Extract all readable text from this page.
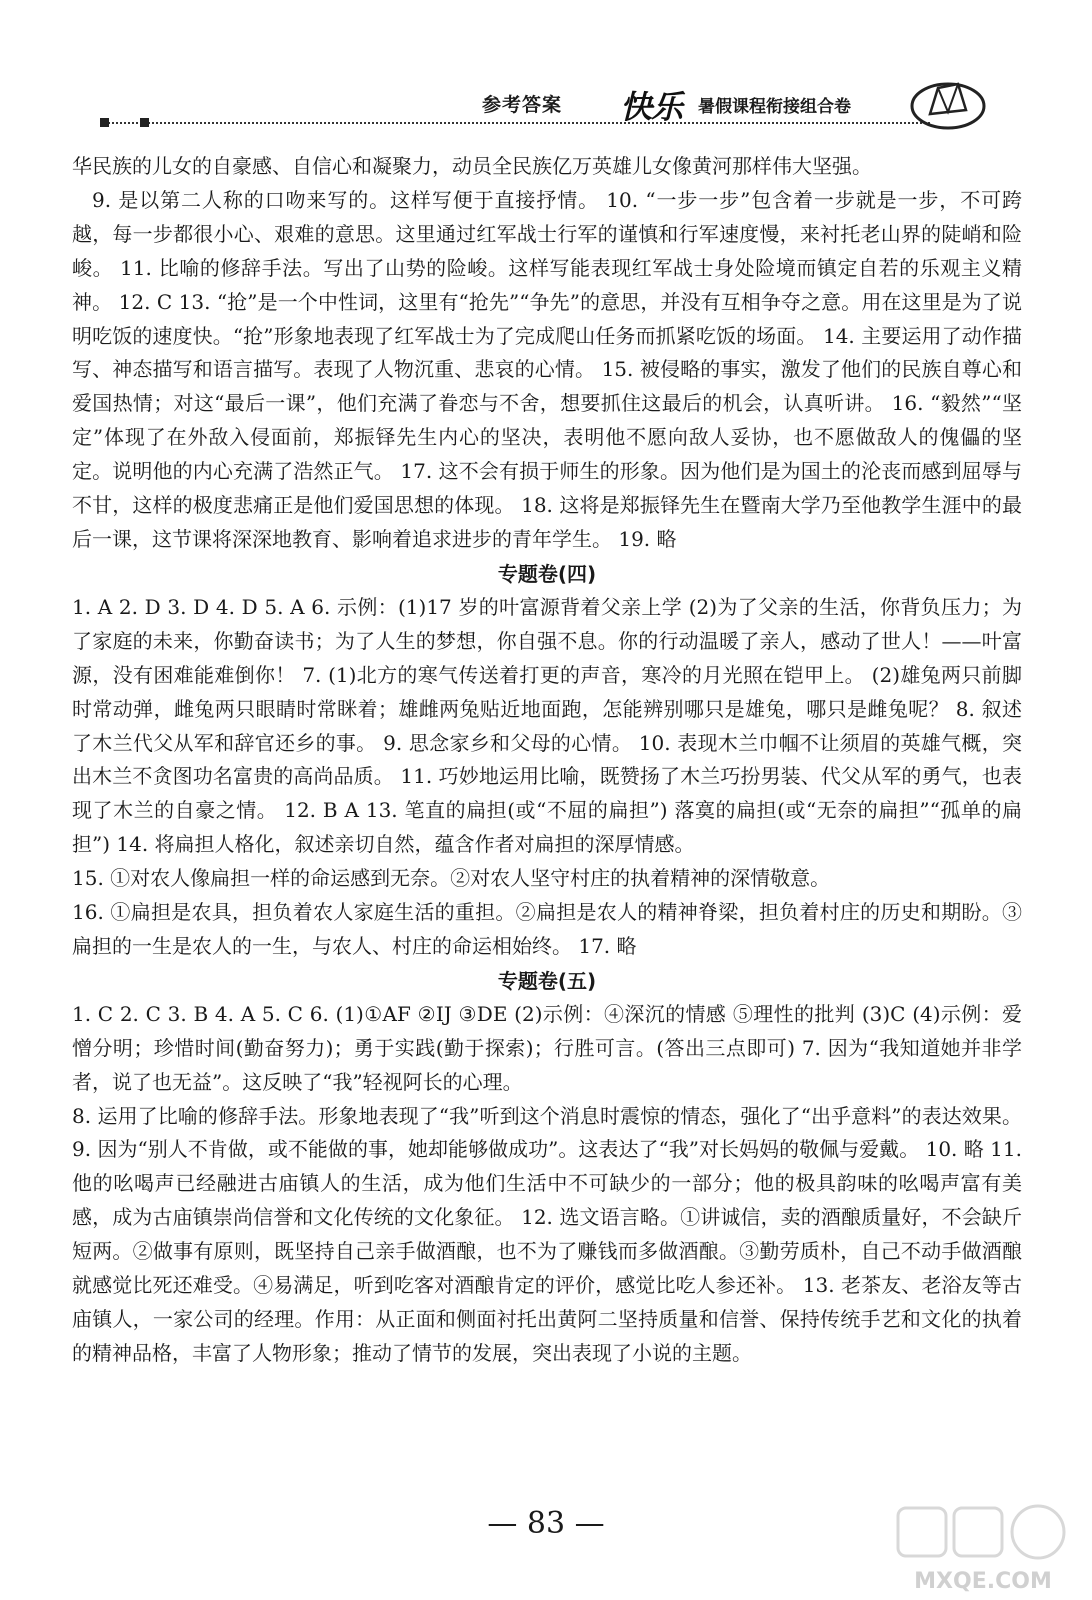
参考答案 快乐 暑假课程衔接组合卷

华民族的儿女的自豪感、自信心和凝聚力，动员全民族亿万英雄儿女像黄河那样伟大坚强。

9. 是以第二人称的口吻来写的。这样写便于直接抒情。 10. “一步一步”包含着一步就是一步，不可跨越，每一步都很小心、艰难的意思。这里通过红军战士行军的谨慎和行军速度慢，来衬托老山界的陡峭和险峻。 11. 比喻的修辞手法。写出了山势的险峻。这样写能表现红军战士身处险境而镇定自若的乐观主义精神。 12. C 13. “抢”是一个中性词，这里有“抢先”“争先”的意思，并没有互相争夺之意。用在这里是为了说明吃饭的速度快。“抢”形象地表现了红军战士为了完成爬山任务而抓紧吃饭的场面。 14. 主要运用了动作描写、神态描写和语言描写。表现了人物沉重、悲哀的心情。 15. 被侵略的事实，激发了他们的民族自尊心和爱国热情；对这“最后一课”，他们充满了眷恋与不舍，想要抓住这最后的机会，认真听讲。 16. “毅然”“坚定”体现了在外敌入侵面前，郑振铎先生内心的坚决，表明他不愿向敌人妥协，也不愿做敌人的傀儡的坚定。说明他的内心充满了浩然正气。 17. 这不会有损于师生的形象。因为他们是为国土的沦丧而感到屈辱与不甘，这样的极度悲痛正是他们爱国思想的体现。 18. 这将是郑振铎先生在暨南大学乃至他教学生涯中的最后一课，这节课将深深地教育、影响着追求进步的青年学生。 19. 略

专题卷(四)

1. A 2. D 3. D 4. D 5. A 6. 示例：(1)17 岁的叶富源背着父亲上学 (2)为了父亲的生活，你背负压力；为了家庭的未来，你勤奋读书；为了人生的梦想，你自强不息。你的行动温暖了亲人，感动了世人！——叶富源，没有困难能难倒你！ 7. (1)北方的寒气传送着打更的声音，寒冷的月光照在铠甲上。 (2)雄兔两只前脚时常动弹，雌兔两只眼睛时常眯着；雄雌两兔贴近地面跑，怎能辨别哪只是雄兔，哪只是雌兔呢？ 8. 叙述了木兰代父从军和辞官还乡的事。 9. 思念家乡和父母的心情。 10. 表现木兰巾帼不让须眉的英雄气概，突出木兰不贪图功名富贵的高尚品质。 11. 巧妙地运用比喻，既赞扬了木兰巧扮男装、代父从军的勇气，也表现了木兰的自豪之情。 12. B A 13. 笔直的扁担(或“不屈的扁担”) 落寞的扁担(或“无奈的扁担”“孤单的扁担”) 14. 将扁担人格化，叙述亲切自然，蕴含作者对扁担的深厚情感。

15. ①对农人像扁担一样的命运感到无奈。②对农人坚守村庄的执着精神的深情敬意。

16. ①扁担是农具，担负着农人家庭生活的重担。②扁担是农人的精神脊梁，担负着村庄的历史和期盼。③扁担的一生是农人的一生，与农人、村庄的命运相始终。 17. 略

专题卷(五)

1. C 2. C 3. B 4. A 5. C 6. (1)①AF ②IJ ③DE (2)示例：④深沉的情感 ⑤理性的批判 (3)C (4)示例：爱憎分明；珍惜时间(勤奋努力)；勇于实践(勤于探索)；行胜可言。(答出三点即可) 7. 因为“我知道她并非学者，说了也无益”。这反映了“我”轻视阿长的心理。

8. 运用了比喻的修辞手法。形象地表现了“我”听到这个消息时震惊的情态，强化了“出乎意料”的表达效果。 9. 因为“别人不肯做，或不能做的事，她却能够做成功”。这表达了“我”对长妈妈的敬佩与爱戴。 10. 略 11. 他的吆喝声已经融进古庙镇人的生活，成为他们生活中不可缺少的一部分；他的极具韵味的吆喝声富有美感，成为古庙镇崇尚信誉和文化传统的文化象征。 12. 选文语言略。①讲诚信，卖的酒酿质量好，不会缺斤短两。②做事有原则，既坚持自己亲手做酒酿，也不为了赚钱而多做酒酿。③勤劳质朴，自己不动手做酒酿就感觉比死还难受。④易满足，听到吃客对酒酿肯定的评价，感觉比吃人参还补。 13. 老茶友、老浴友等古庙镇人，一家公司的经理。作用：从正面和侧面衬托出黄阿二坚持质量和信誉、保持传统手艺和文化的执着的精神品格，丰富了人物形象；推动了情节的发展，突出表现了小说的主题。

— 83 —
MXQE.COM
